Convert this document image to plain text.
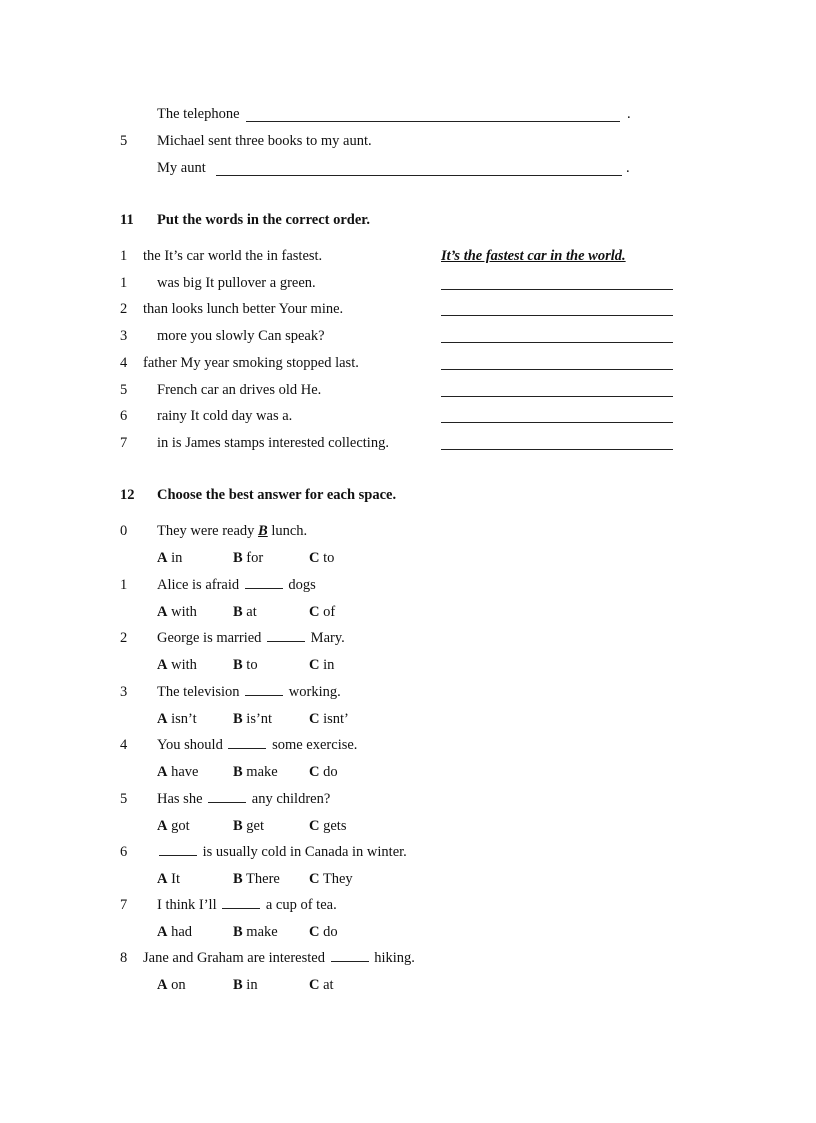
The telephone	.
5 Michael sent three books to my aunt.
My aunt	.
11 Put the words in the correct order.
1 the It’s car world the in fastest.	It’s the fastest car in the world.
1 was big It pullover a green.
2 than looks lunch better Your mine.
3 more you slowly Can speak?
4 father My year smoking stopped last.
5 French car an drives old He.
6 rainy It cold day was a.
7 in is James stamps interested collecting.
12 Choose the best answer for each space.
0 They were ready B lunch.
A in	B for	C to
1 Alice is afraid	dogs
A with B at	C of
2 George is married	Mary.
A with B to	C in
3 The television	working.
A isn’t	B is’nt	C isnt’
4 You should	some exercise.
A have B make C do
5 Has she	any children?
A got	B get	C gets
6	is usually cold in Canada in winter.
A It	B There C They
7 I think I’ll	a cup of tea.
A had	B make C do
8 Jane and Graham are interested	hiking.
A on	B in	C at
